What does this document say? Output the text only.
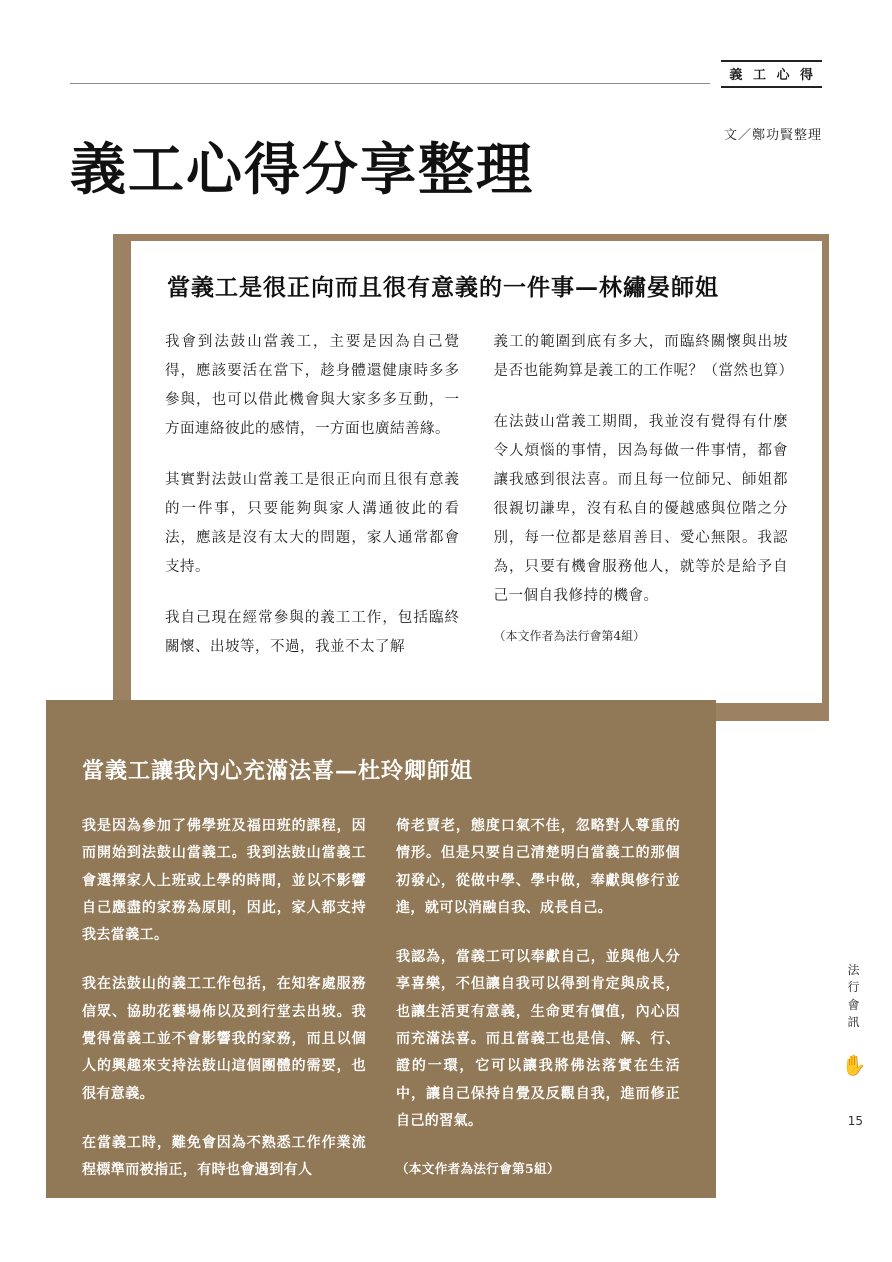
義 工 心 得
義工心得分享整理
文／鄭功賢整理
當義工是很正向而且很有意義的一件事—林繡晏師姐

我會到法鼓山當義工，主要是因為自己覺得，應該要活在當下，趁身體還健康時多多參與，也可以借此機會與大家多多互動，一方面連絡彼此的感情，一方面也廣結善緣。

其實對法鼓山當義工是很正向而且很有意義的一件事，只要能夠與家人溝通彼此的看法，應該是沒有太大的問題，家人通常都會支持。

我自己現在經常參與的義工工作，包括臨終關懷、出坡等，不過，我並不太了解

義工的範圍到底有多大，而臨終關懷與出坡是否也能夠算是義工的工作呢？（當然也算）

在法鼓山當義工期間，我並沒有覺得有什麼令人煩惱的事情，因為每做一件事情，都會讓我感到很法喜。而且每一位師兄、師姐都很親切謙卑，沒有私自的優越感與位階之分別，每一位都是慈眉善目、愛心無限。我認為，只要有機會服務他人，就等於是給予自己一個自我修持的機會。

（本文作者為法行會第4組）

當義工讓我內心充滿法喜—杜玲卿師姐

我是因為參加了佛學班及福田班的課程，因而開始到法鼓山當義工。我到法鼓山當義工會選擇家人上班或上學的時間，並以不影響自己應盡的家務為原則，因此，家人都支持我去當義工。

我在法鼓山的義工工作包括，在知客處服務信眾、協助花藝場佈以及到行堂去出坡。我覺得當義工並不會影響我的家務，而且以個人的興趣來支持法鼓山這個團體的需要，也很有意義。

在當義工時，難免會因為不熟悉工作作業流程標準而被指正，有時也會遇到有人

倚老賣老，態度口氣不佳，忽略對人尊重的情形。但是只要自己清楚明白當義工的那個初發心，從做中學、學中做，奉獻與修行並進，就可以消融自我、成長自己。

我認為，當義工可以奉獻自己，並與他人分享喜樂，不但讓自我可以得到肯定與成長，也讓生活更有意義，生命更有價值，內心因而充滿法喜。而且當義工也是信、解、行、證的一環，它可以讓我將佛法落實在生活中，讓自己保持自覺及反觀自我，進而修正自己的習氣。

（本文作者為法行會第5組）

法行會訊
✋
15
